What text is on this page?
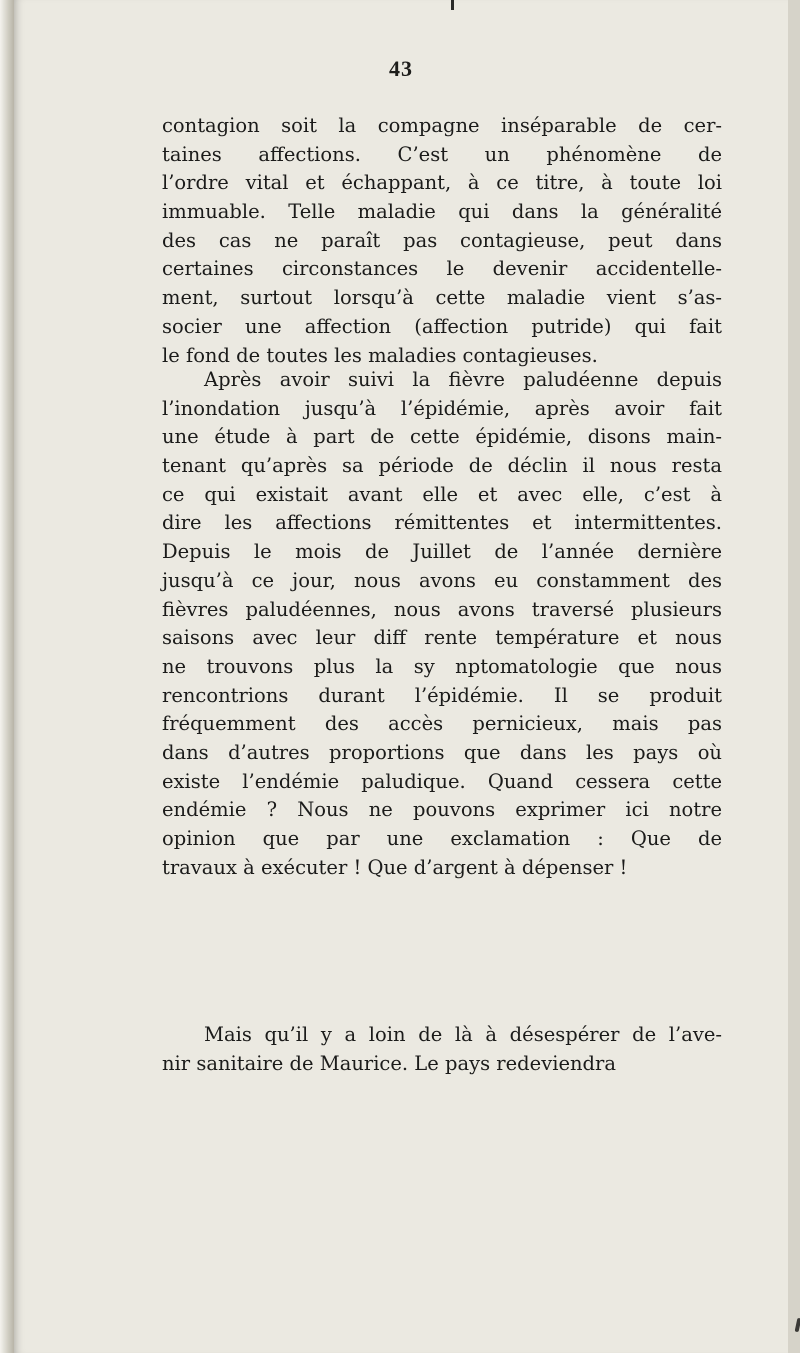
43
contagion soit la compagne inséparable de cer-
taines affections. C’est un phénomène de
l’ordre vital et échappant, à ce titre, à toute loi
immuable. Telle maladie qui dans la généralité
des cas ne paraît pas contagieuse, peut dans
certaines circonstances le devenir accidentelle-
ment, surtout lorsqu’à cette maladie vient s’as-
socier une affection (affection putride) qui fait
le fond de toutes les maladies contagieuses.
Après avoir suivi la fièvre paludéenne depuis
l’inondation jusqu’à l’épidémie, après avoir fait
une étude à part de cette épidémie, disons main-
tenant qu’après sa période de déclin il nous resta
ce qui existait avant elle et avec elle, c’est à
dire les affections rémittentes et intermittentes.
Depuis le mois de Juillet de l’année dernière
jusqu’à ce jour, nous avons eu constamment des
fièvres paludéennes, nous avons traversé plusieurs
saisons avec leur diff rente température et nous
ne trouvons plus la sy nptomatologie que nous
rencontrions durant l’épidémie. Il se produit
fréquemment des accès pernicieux, mais pas
dans d’autres proportions que dans les pays où
existe l’endémie paludique. Quand cessera cette
endémie ? Nous ne pouvons exprimer ici notre
opinion que par une exclamation : Que de
travaux à exécuter ! Que d’argent à dépenser !
Mais qu’il y a loin de là à désespérer de l’ave-
nir sanitaire de Maurice. Le pays redeviendra
